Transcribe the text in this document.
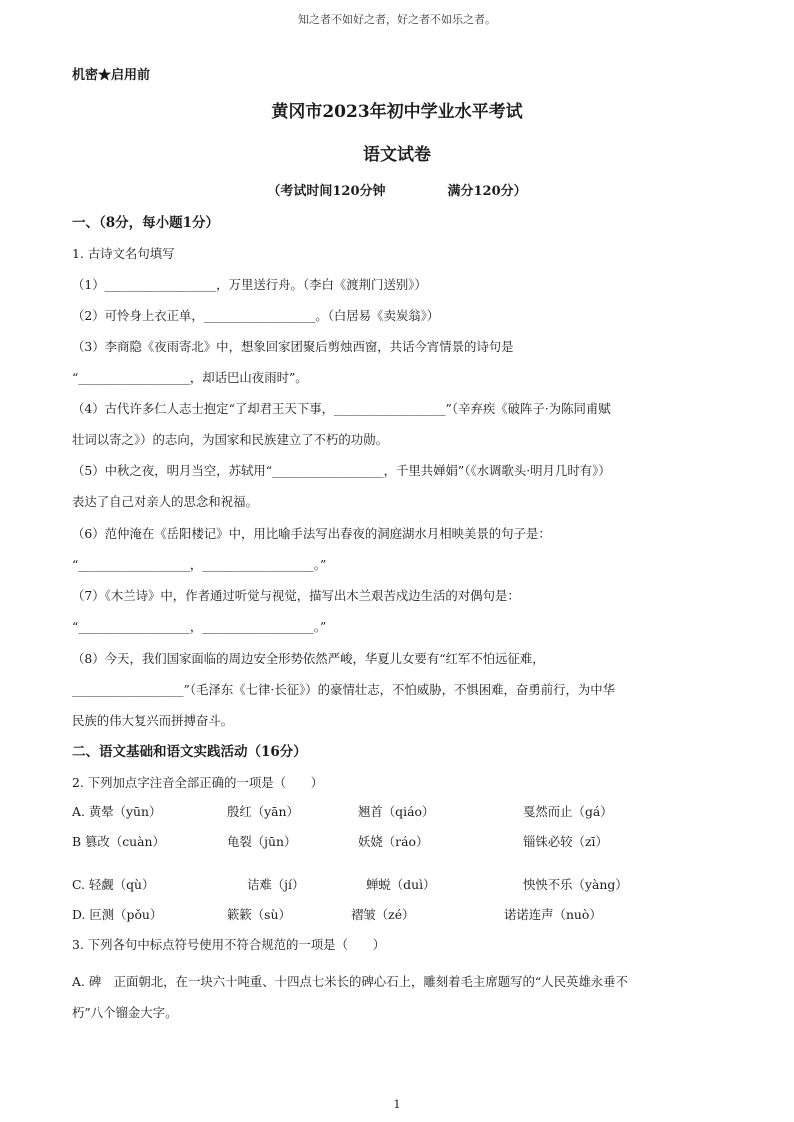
知之者不如好之者，好之者不如乐之者。
机密★启用前
黄冈市2023年初中学业水平考试
语文试卷
（考试时间120分钟	满分120分）
一、（8分，每小题1分）
1. 古诗文名句填写
（1）__________________，万里送行舟。（李白《渡荆门送别》）
（2）可怜身上衣正单，__________________。（白居易《卖炭翁》）
（3）李商隐《夜雨寄北》中，想象回家团聚后剪烛西窗，共话今宵情景的诗句是
“__________________，却话巴山夜雨时”。
（4）古代许多仁人志士抱定“了却君王天下事，__________________”（辛弃疾《破阵子·为陈同甫赋
壮词以寄之》）的志向，为国家和民族建立了不朽的功勋。
（5）中秋之夜，明月当空，苏轼用“__________________，千里共婵娟”（《水调歌头·明月几时有》）
表达了自己对亲人的思念和祝福。
（6）范仲淹在《岳阳楼记》中，用比喻手法写出春夜的洞庭湖水月相映美景的句子是：
“__________________，__________________。”
（7）《木兰诗》中，作者通过听觉与视觉，描写出木兰艰苦戍边生活的对偶句是：
“__________________，__________________。”
（8）今天，我们国家面临的周边安全形势依然严峻，华夏儿女要有“红军不怕远征难，
__________________”（毛泽东《七律·长征》）的豪情壮志，不怕威胁，不惧困难，奋勇前行，为中华
民族的伟大复兴而拼搏奋斗。
二、语文基础和语文实践活动（16分）
2. 下列加点字注音全部正确的一项是（　　）
A. 黄晕（yūn）	殷红（yān）	翘首（qiáo）	戛然而止（gá）
B 篡改（cuàn）	龟裂（jūn）	妖娆（ráo）	锱铢必较（zī）
C. 轻觑（qù）	诘难（jí）	蝉蜕（duì）	怏怏不乐（yàng）
D. 叵测（pǒu）	簌簌（sù）	褶皱（zé）	诺诺连声（nuò）
3. 下列各句中标点符号使用不符合规范的一项是（　　）
A. 碑　正面朝北，在一块六十吨重、十四点七米长的碑心石上，雕刻着毛主席题写的“人民英雄永垂不
朽”八个镏金大字。
1
